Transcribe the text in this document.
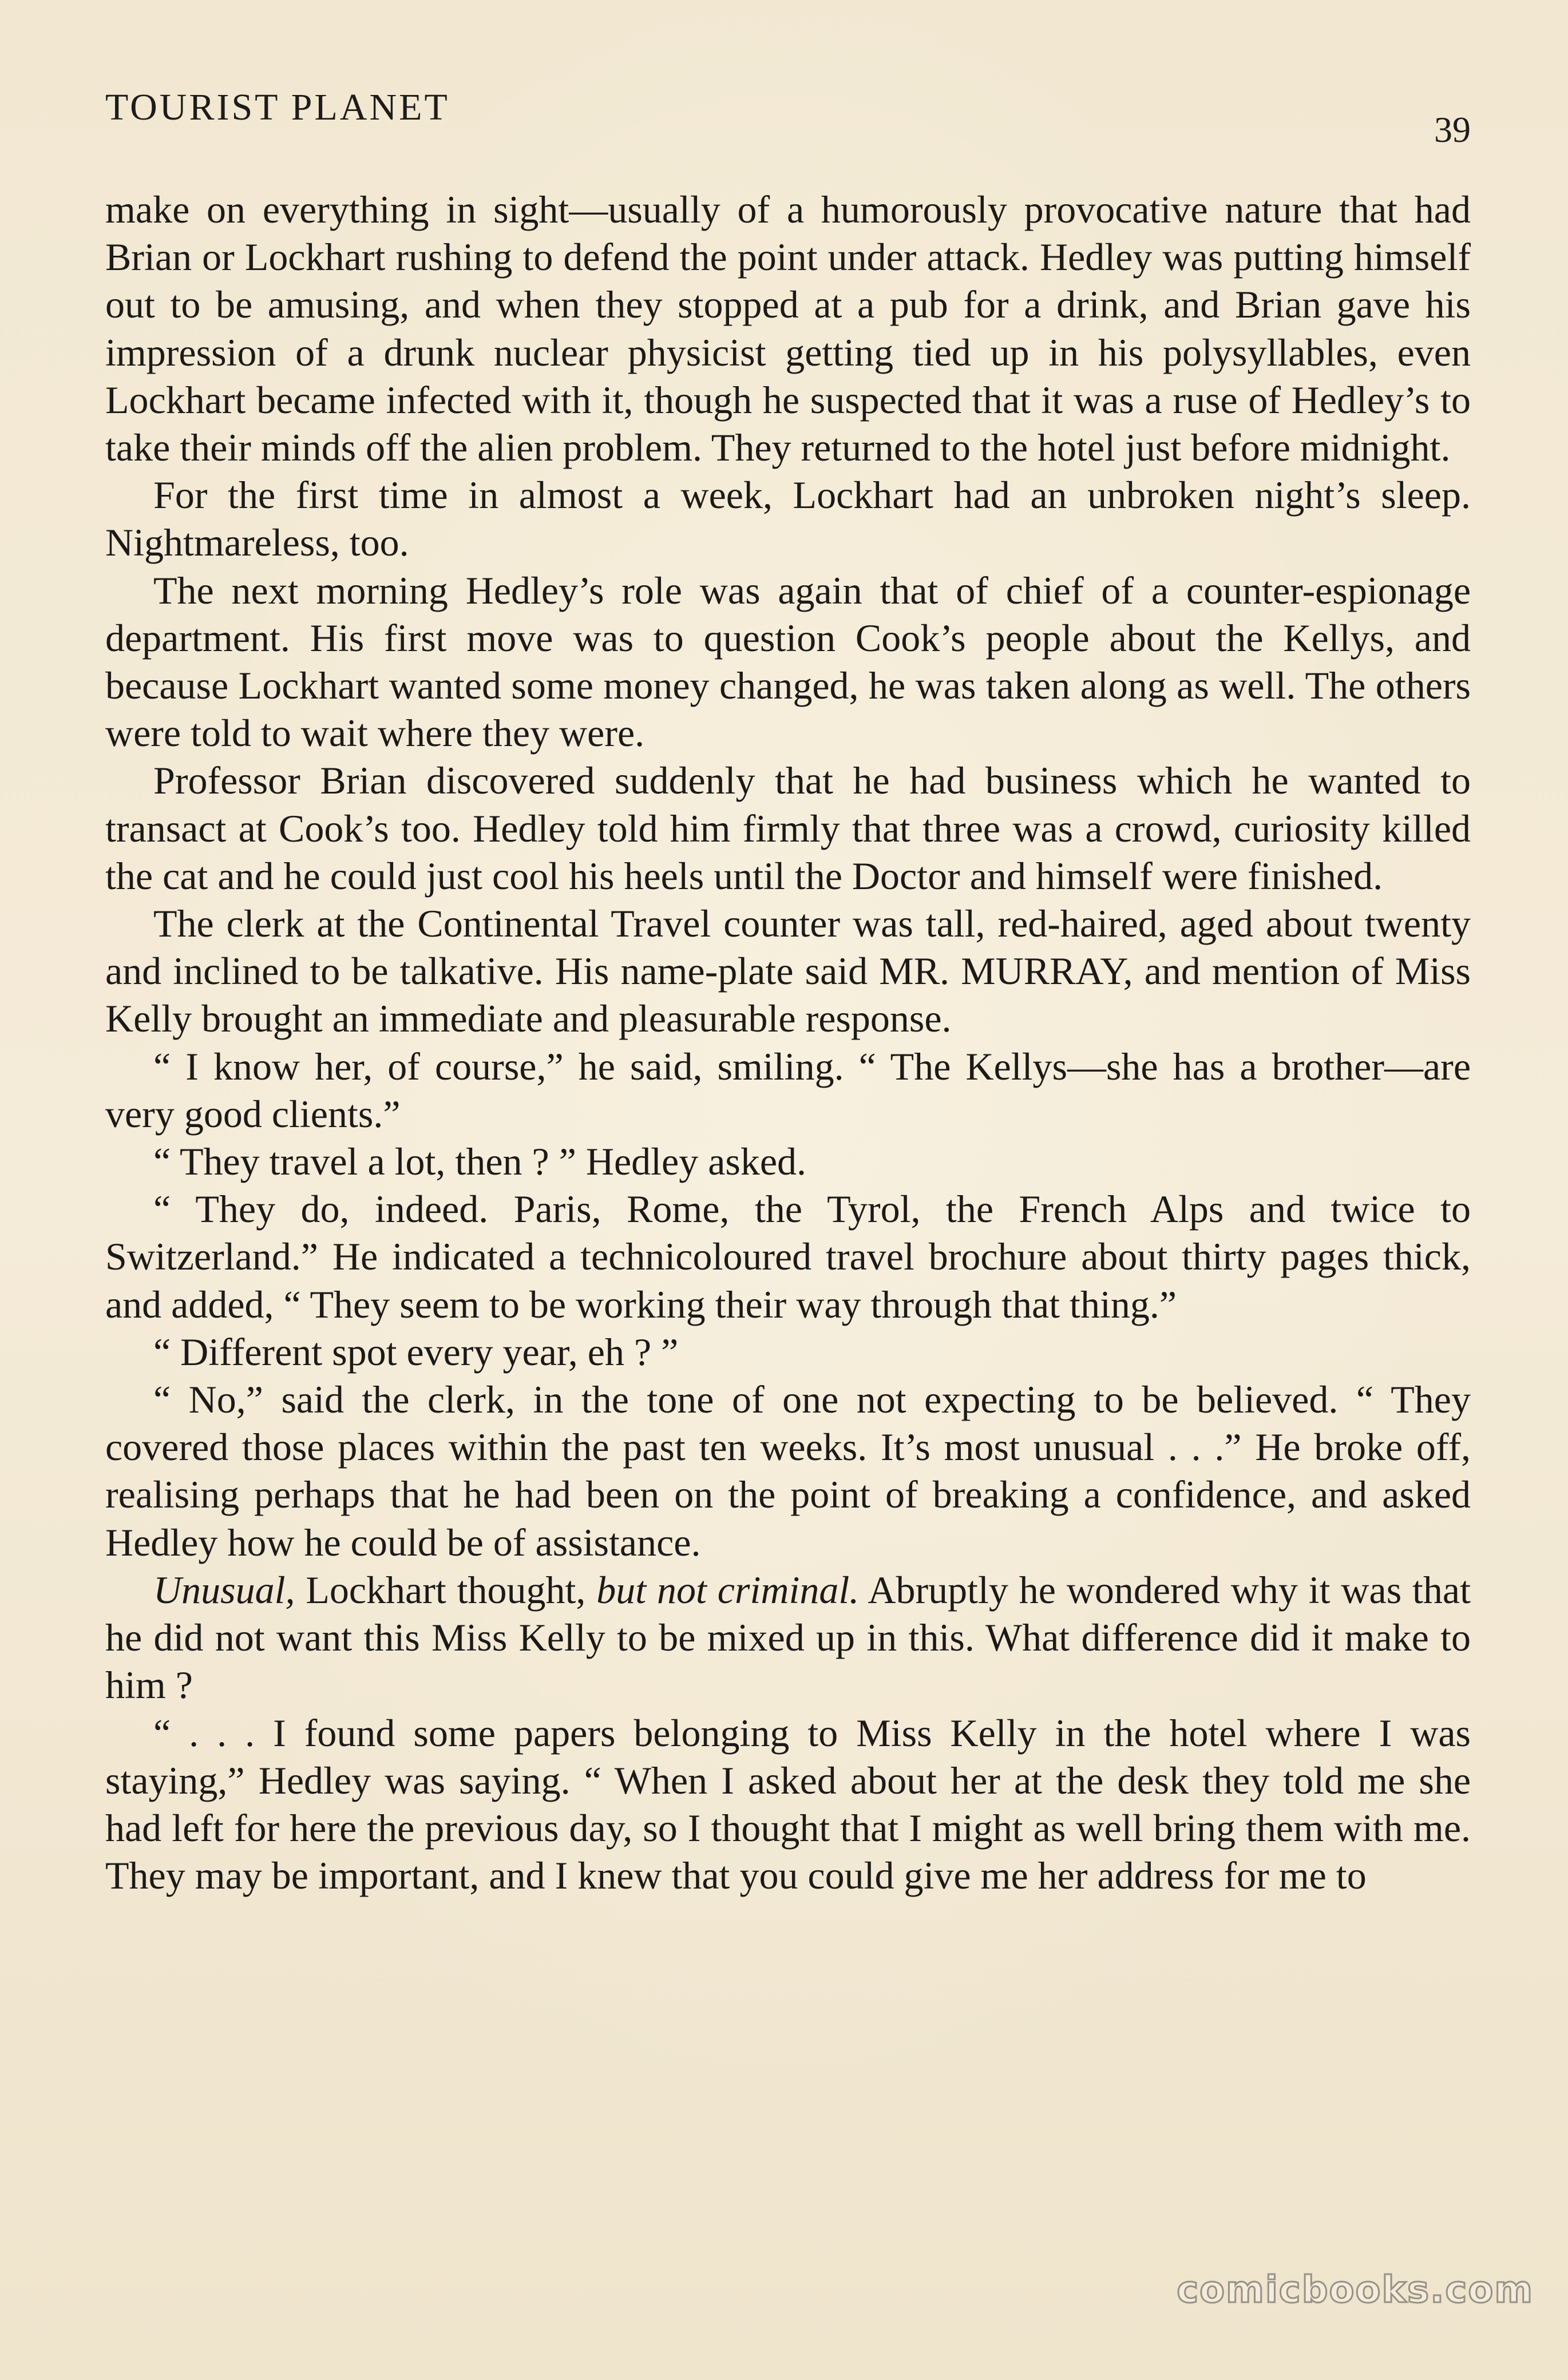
TOURIST PLANET
39

make on everything in sight—usually of a humorously provocative nature that had Brian or Lockhart rushing to defend the point under attack. Hedley was putting himself out to be amusing, and when they stopped at a pub for a drink, and Brian gave his impression of a drunk nuclear physicist getting tied up in his polysyllables, even Lockhart became infected with it, though he suspected that it was a ruse of Hedley’s to take their minds off the alien problem. They returned to the hotel just before midnight.

For the first time in almost a week, Lockhart had an unbroken night’s sleep. Nightmareless, too.

The next morning Hedley’s role was again that of chief of a counter-espionage department. His first move was to question Cook’s people about the Kellys, and because Lockhart wanted some money changed, he was taken along as well. The others were told to wait where they were.

Professor Brian discovered suddenly that he had business which he wanted to transact at Cook’s too. Hedley told him firmly that three was a crowd, curiosity killed the cat and he could just cool his heels until the Doctor and himself were finished.

The clerk at the Continental Travel counter was tall, red-haired, aged about twenty and inclined to be talkative. His name-plate said MR. MURRAY, and mention of Miss Kelly brought an immediate and pleasurable response.

“ I know her, of course,” he said, smiling. “ The Kellys—she has a brother—are very good clients.”

“ They travel a lot, then ? ” Hedley asked.

“ They do, indeed. Paris, Rome, the Tyrol, the French Alps and twice to Switzerland.” He indicated a technicoloured travel brochure about thirty pages thick, and added, “ They seem to be working their way through that thing.”

“ Different spot every year, eh ? ”

“ No,” said the clerk, in the tone of one not expecting to be believed. “ They covered those places within the past ten weeks. It’s most unusual . . .” He broke off, realising perhaps that he had been on the point of breaking a confidence, and asked Hedley how he could be of assistance.

Unusual, Lockhart thought, but not criminal. Abruptly he wondered why it was that he did not want this Miss Kelly to be mixed up in this. What difference did it make to him ?

“ . . . I found some papers belonging to Miss Kelly in the hotel where I was staying,” Hedley was saying. “ When I asked about her at the desk they told me she had left for here the previous day, so I thought that I might as well bring them with me. They may be important, and I knew that you could give me her address for me to

comicbooks.com
